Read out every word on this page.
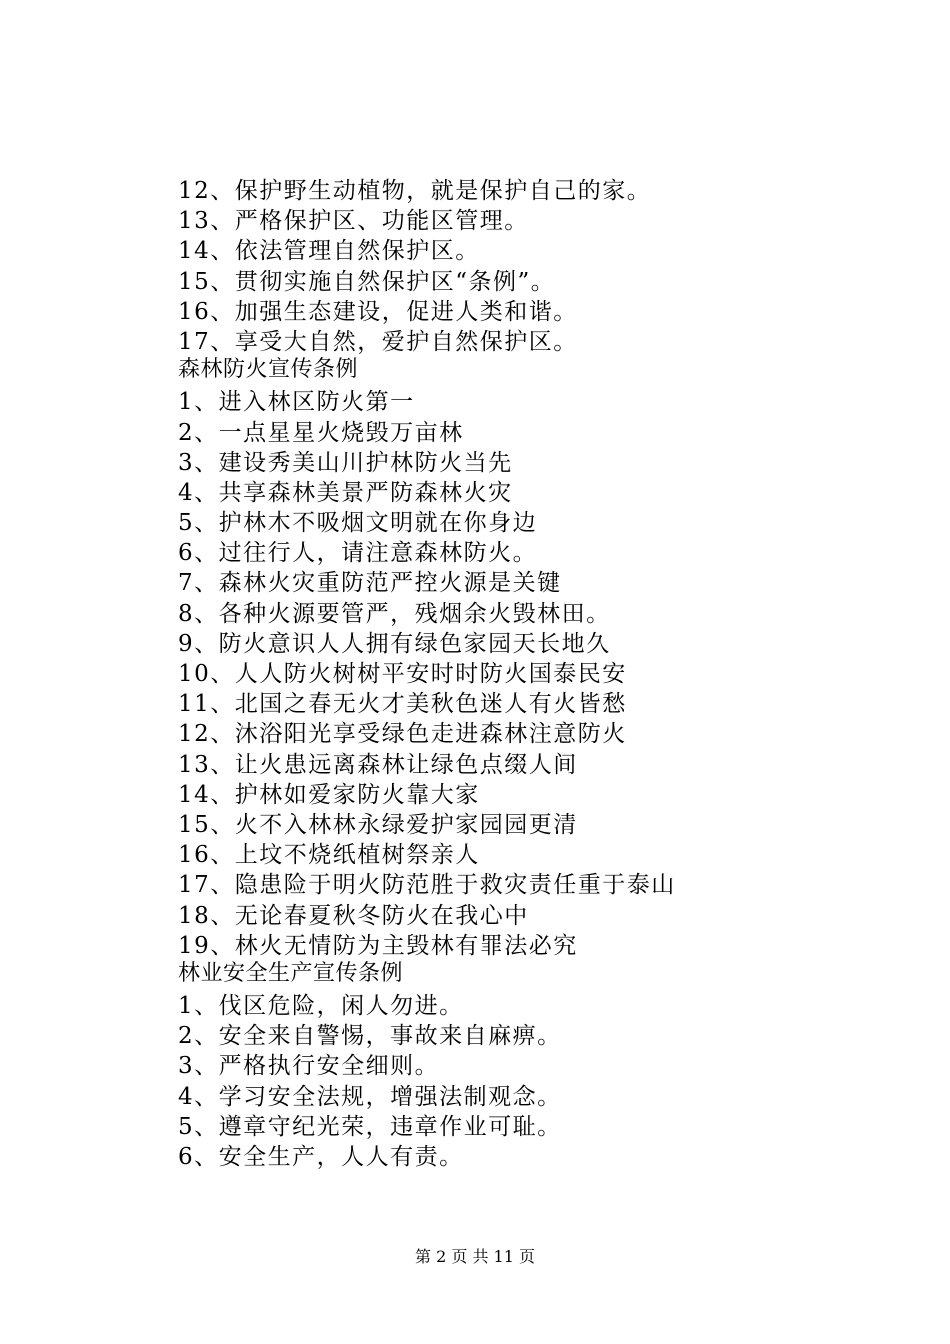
12、保护野生动植物，就是保护自己的家。
13、严格保护区、功能区管理。
14、依法管理自然保护区。
15、贯彻实施自然保护区“条例”。
16、加强生态建设，促进人类和谐。
17、享受大自然，爱护自然保护区。
森林防火宣传条例
1、进入林区防火第一
2、一点星星火烧毁万亩林
3、建设秀美山川护林防火当先
4、共享森林美景严防森林火灾
5、护林木不吸烟文明就在你身边
6、过往行人，请注意森林防火。
7、森林火灾重防范严控火源是关键
8、各种火源要管严，残烟余火毁林田。
9、防火意识人人拥有绿色家园天长地久
10、人人防火树树平安时时防火国泰民安
11、北国之春无火才美秋色迷人有火皆愁
12、沐浴阳光享受绿色走进森林注意防火
13、让火患远离森林让绿色点缀人间
14、护林如爱家防火靠大家
15、火不入林林永绿爱护家园园更清
16、上坟不烧纸植树祭亲人
17、隐患险于明火防范胜于救灾责任重于泰山
18、无论春夏秋冬防火在我心中
19、林火无情防为主毁林有罪法必究
林业安全生产宣传条例
1、伐区危险，闲人勿进。
2、安全来自警惕，事故来自麻痹。
3、严格执行安全细则。
4、学习安全法规，增强法制观念。
5、遵章守纪光荣，违章作业可耻。
6、安全生产，人人有责。
第 2 页 共 11 页
